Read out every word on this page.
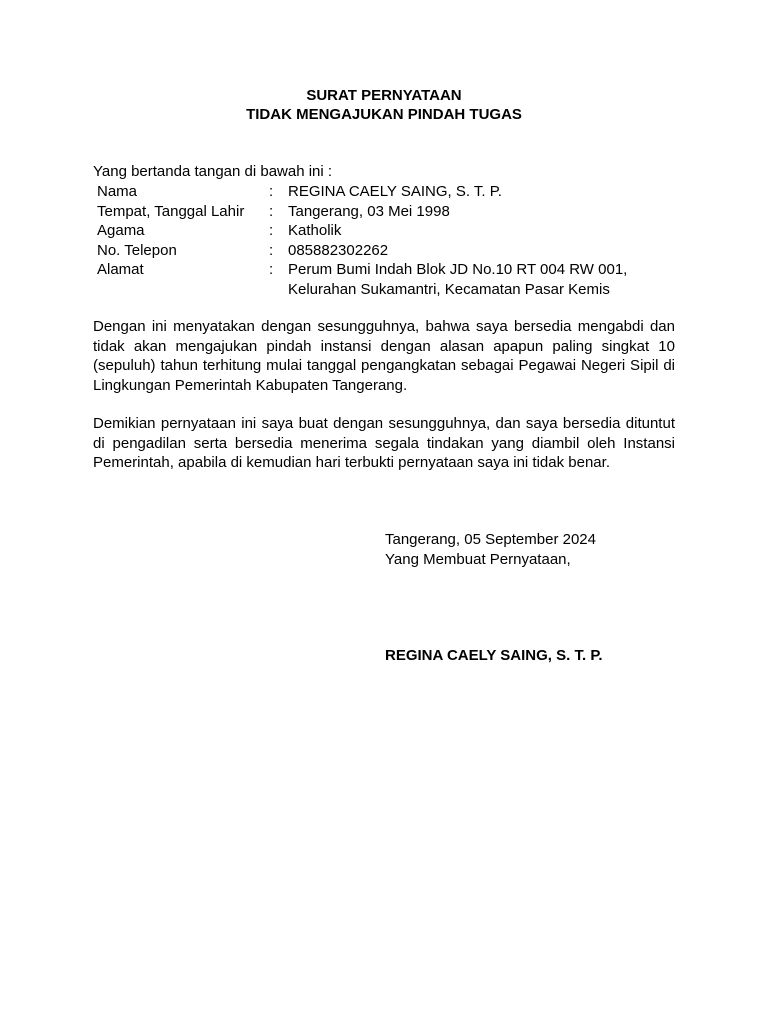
SURAT PERNYATAAN
TIDAK MENGAJUKAN PINDAH TUGAS
Yang bertanda tangan di bawah ini :
Nama	: REGINA CAELY SAING, S. T. P.
Tempat, Tanggal Lahir	: Tangerang, 03 Mei 1998
Agama	: Katholik
No. Telepon	: 085882302262
Alamat	: Perum Bumi Indah Blok JD No.10 RT 004 RW 001,
Kelurahan Sukamantri, Kecamatan Pasar Kemis
Dengan ini menyatakan dengan sesungguhnya, bahwa saya bersedia mengabdi dan tidak akan mengajukan pindah instansi dengan alasan apapun paling singkat 10 (sepuluh) tahun terhitung mulai tanggal pengangkatan sebagai Pegawai Negeri Sipil di Lingkungan Pemerintah Kabupaten Tangerang.
Demikian pernyataan ini saya buat dengan sesungguhnya, dan saya bersedia dituntut di pengadilan serta bersedia menerima segala tindakan yang diambil oleh Instansi Pemerintah, apabila di kemudian hari terbukti pernyataan saya ini tidak benar.
Tangerang, 05 September 2024
Yang Membuat Pernyataan,
REGINA CAELY SAING, S. T. P.
